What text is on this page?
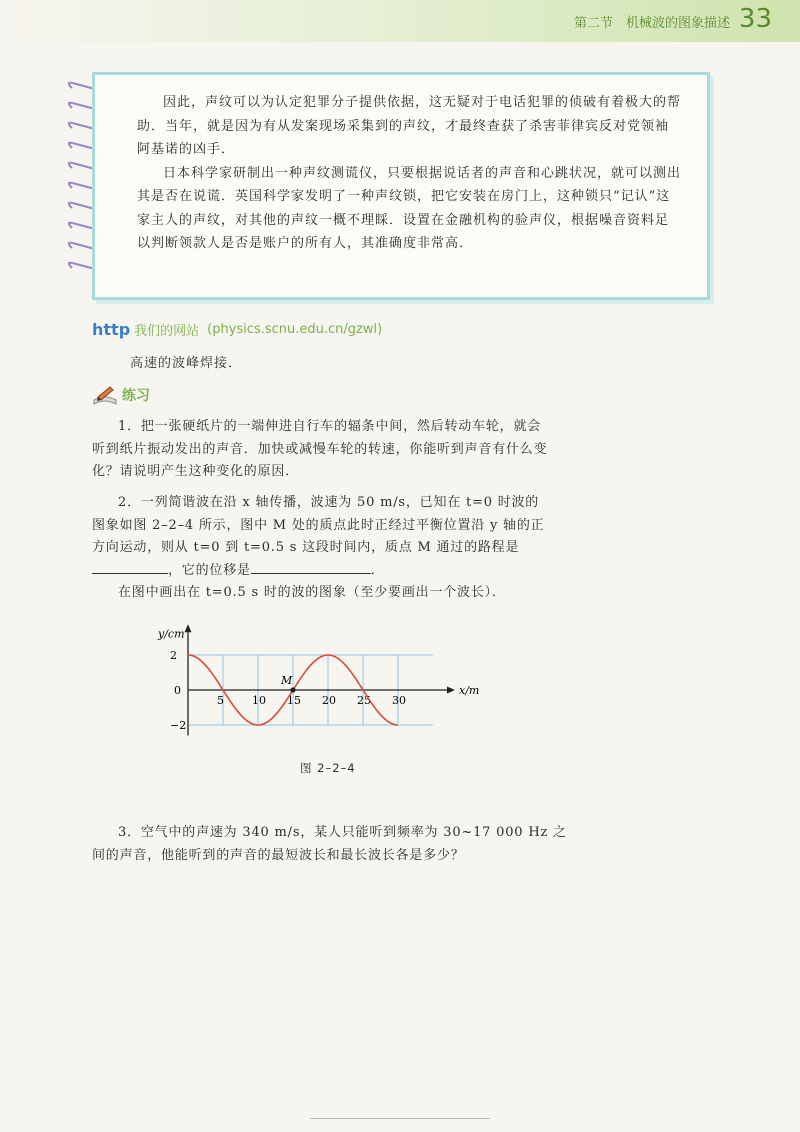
第二节　机械波的图象描述 33

因此，声纹可以为认定犯罪分子提供依据，这无疑对于电话犯罪的侦破有着极大的帮助．当年，就是因为有从发案现场采集到的声纹，才最终查获了杀害菲律宾反对党领袖阿基诺的凶手．

日本科学家研制出一种声纹测谎仪，只要根据说话者的声音和心跳状况，就可以测出其是否在说谎．英国科学家发明了一种声纹锁，把它安装在房门上，这种锁只“记认”这家主人的声纹，对其他的声纹一概不理睬．设置在金融机构的验声仪，根据噪音资料足以判断领款人是否是账户的所有人，其准确度非常高．

http 我们的网站 (physics.scnu.edu.cn/gzwl)
高速的波峰焊接．
练习

1．把一张硬纸片的一端伸进自行车的辐条中间，然后转动车轮，就会听到纸片振动发出的声音．加快或减慢车轮的转速，你能听到声音有什么变化？请说明产生这种变化的原因．

2．一列简谐波在沿 x 轴传播，波速为 50 m/s，已知在 t=0 时波的图象如图 2–2–4 所示，图中 M 处的质点此时正经过平衡位置沿 y 轴的正方向运动，则从 t=0 到 t=0.5 s 这段时间内，质点 M 通过的路程是，它的位移是	．

在图中画出在 t=0.5 s 时的波的图象（至少要画出一个波长）．

y/cm
x/m
0
5	10 15 20 25 30
2
−2
M
图 2–2–4

3．空气中的声速为 340 m/s，某人只能听到频率为 30~17 000 Hz 之间的声音，他能听到的声音的最短波长和最长波长各是多少？
